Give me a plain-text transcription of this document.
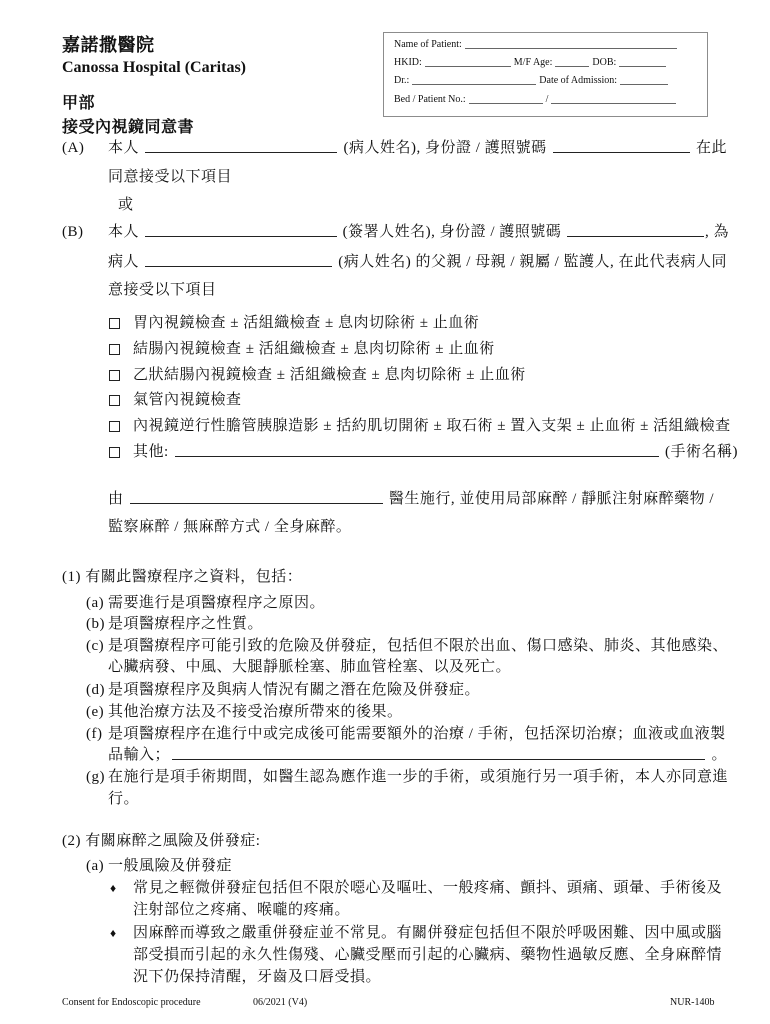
嘉諾撒醫院
Canossa Hospital (Caritas)
甲部
接受內視鏡同意書
Name of Patient:
HKID:	M/F Age:	DOB:
Dr.:	Date of Admission:
Bed / Patient No.:	/
(A) 本人	(病人姓名), 身份證 / 護照號碼	在此
同意接受以下項目
或
(B) 本人	(簽署人姓名), 身份證 / 護照號碼	, 為
病人	(病人姓名) 的父親 / 母親 / 親屬 / 監護人, 在此代表病人同
意接受以下項目
胃內視鏡檢查 ± 活組織檢查 ± 息肉切除術 ± 止血術
結腸內視鏡檢查 ± 活組織檢查 ± 息肉切除術 ± 止血術
乙狀結腸內視鏡檢查 ± 活組織檢查 ± 息肉切除術 ± 止血術
氣管內視鏡檢查
內視鏡逆行性膽管胰腺造影 ± 括約肌切開術 ± 取石術 ± 置入支架 ± 止血術 ± 活組織檢查
其他:	(手術名稱)
由	醫生施行, 並使用局部麻醉 / 靜脈注射麻醉藥物 /
監察麻醉 / 無麻醉方式 / 全身麻醉。
(1) 有關此醫療程序之資料，包括：
(a) 需要進行是項醫療程序之原因。
(b) 是項醫療程序之性質。
(c) 是項醫療程序可能引致的危險及併發症，包括但不限於出血、傷口感染、肺炎、其他感染、
心臟病發、中風、大腿靜脈栓塞、肺血管栓塞、以及死亡。
(d) 是項醫療程序及與病人情況有關之潛在危險及併發症。
(e) 其他治療方法及不接受治療所帶來的後果。
(f) 是項醫療程序在進行中或完成後可能需要額外的治療 / 手術，包括深切治療；血液或血液製
品輸入；	。
(g) 在施行是項手術期間，如醫生認為應作進一步的手術，或須施行另一項手術，本人亦同意進
行。
(2) 有關麻醉之風險及併發症:
(a) 一般風險及併發症
♦ 常見之輕微併發症包括但不限於噁心及嘔吐、一般疼痛、顫抖、頭痛、頭暈、手術後及
注射部位之疼痛、喉嚨的疼痛。
♦ 因麻醉而導致之嚴重併發症並不常見。有關併發症包括但不限於呼吸困難、因中風或腦
部受損而引起的永久性傷殘、心臟受壓而引起的心臟病、藥物性過敏反應、全身麻醉情
況下仍保持清醒，牙齒及口唇受損。
Consent for Endoscopic procedure	06/2021 (V4)	NUR-140b
